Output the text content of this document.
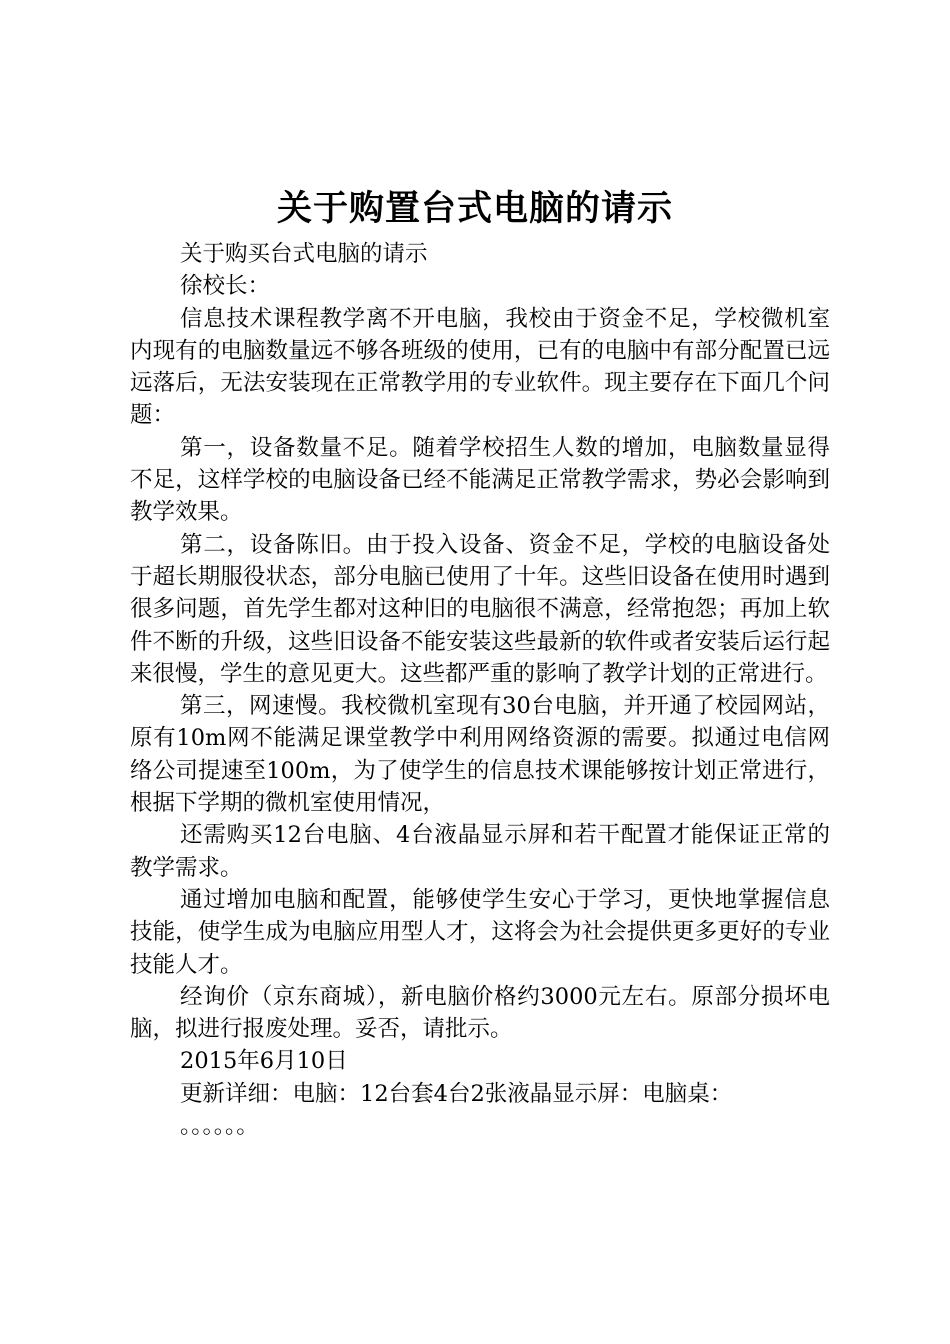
关于购置台式电脑的请示

关于购买台式电脑的请示

徐校长：

信息技术课程教学离不开电脑，我校由于资金不足，学校微机室内现有的电脑数量远不够各班级的使用，已有的电脑中有部分配置已远远落后，无法安装现在正常教学用的专业软件。现主要存在下面几个问题：

第一，设备数量不足。随着学校招生人数的增加，电脑数量显得不足，这样学校的电脑设备已经不能满足正常教学需求，势必会影响到教学效果。

第二，设备陈旧。由于投入设备、资金不足，学校的电脑设备处于超长期服役状态，部分电脑已使用了十年。这些旧设备在使用时遇到很多问题，首先学生都对这种旧的电脑很不满意，经常抱怨；再加上软件不断的升级，这些旧设备不能安装这些最新的软件或者安装后运行起来很慢，学生的意见更大。这些都严重的影响了教学计划的正常进行。

第三，网速慢。我校微机室现有30台电脑，并开通了校园网站，原有10m网不能满足课堂教学中利用网络资源的需要。拟通过电信网络公司提速至100m，为了使学生的信息技术课能够按计划正常进行，根据下学期的微机室使用情况，

还需购买12台电脑、4台液晶显示屏和若干配置才能保证正常的教学需求。

通过增加电脑和配置，能够使学生安心于学习，更快地掌握信息技能，使学生成为电脑应用型人才，这将会为社会提供更多更好的专业技能人才。

经询价（京东商城），新电脑价格约3000元左右。原部分损坏电脑，拟进行报废处理。妥否，请批示。

2015年6月10日

更新详细：电脑：12台套4台2张液晶显示屏：电脑桌：

。。。。。。
